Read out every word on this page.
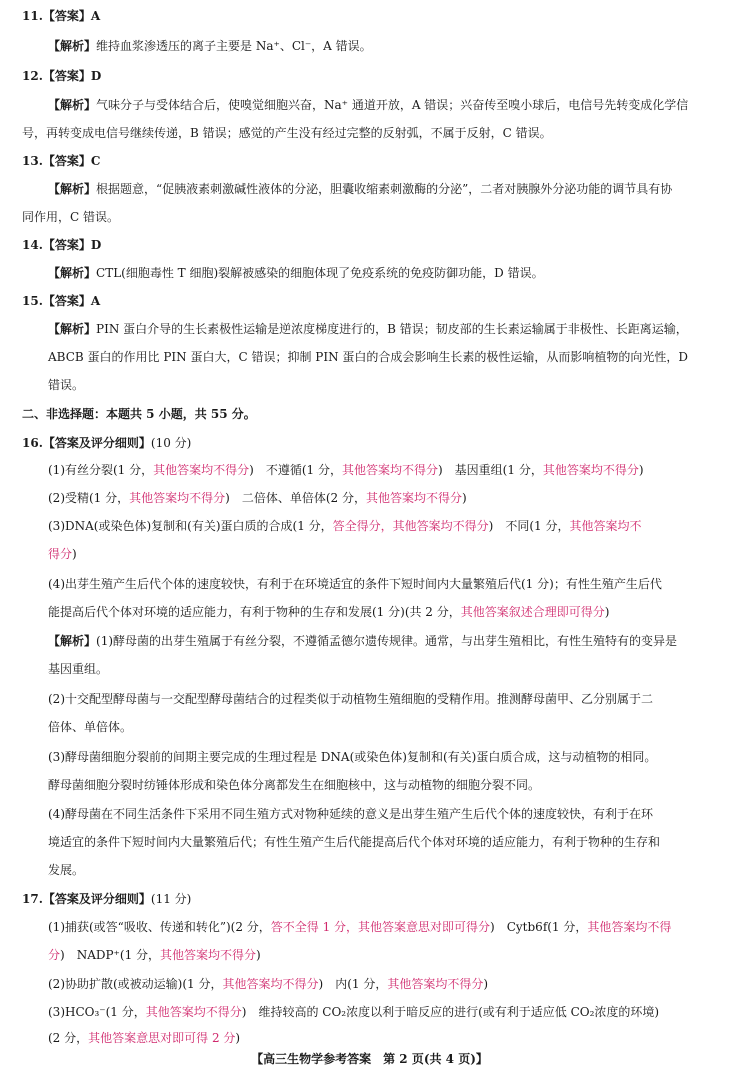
11.【答案】A
【解析】维持血浆渗透压的离子主要是 Na⁺、Cl⁻，A 错误。
12.【答案】D
【解析】气味分子与受体结合后，使嗅觉细胞兴奋，Na⁺ 通道开放，A 错误；兴奋传至嗅小球后，电信号先转变成化学信
号，再转变成电信号继续传递，B 错误；感觉的产生没有经过完整的反射弧，不属于反射，C 错误。
13.【答案】C
【解析】根据题意，“促胰液素刺激碱性液体的分泌，胆囊收缩素刺激酶的分泌”，二者对胰腺外分泌功能的调节具有协
同作用，C 错误。
14.【答案】D
【解析】CTL(细胞毒性 T 细胞)裂解被感染的细胞体现了免疫系统的免疫防御功能，D 错误。
15.【答案】A
【解析】PIN 蛋白介导的生长素极性运输是逆浓度梯度进行的，B 错误；韧皮部的生长素运输属于非极性、长距离运输，
ABCB 蛋白的作用比 PIN 蛋白大，C 错误；抑制 PIN 蛋白的合成会影响生长素的极性运输，从而影响植物的向光性，D
错误。
二、非选择题：本题共 5 小题，共 55 分。
16.【答案及评分细则】(10 分)
(1)有丝分裂(1 分，其他答案均不得分)　不遵循(1 分，其他答案均不得分)　基因重组(1 分，其他答案均不得分)
(2)受精(1 分，其他答案均不得分)　二倍体、单倍体(2 分，其他答案均不得分)
(3)DNA(或染色体)复制和(有关)蛋白质的合成(1 分，答全得分，其他答案均不得分)　不同(1 分，其他答案均不
得分)
(4)出芽生殖产生后代个体的速度较快，有利于在环境适宜的条件下短时间内大量繁殖后代(1 分)；有性生殖产生后代
能提高后代个体对环境的适应能力，有利于物种的生存和发展(1 分)(共 2 分，其他答案叙述合理即可得分)
【解析】(1)酵母菌的出芽生殖属于有丝分裂，不遵循孟德尔遗传规律。通常，与出芽生殖相比，有性生殖特有的变异是
基因重组。
(2)十交配型酵母菌与一交配型酵母菌结合的过程类似于动植物生殖细胞的受精作用。推测酵母菌甲、乙分别属于二
倍体、单倍体。
(3)酵母菌细胞分裂前的间期主要完成的生理过程是 DNA(或染色体)复制和(有关)蛋白质合成，这与动植物的相同。
酵母菌细胞分裂时纺锤体形成和染色体分离都发生在细胞核中，这与动植物的细胞分裂不同。
(4)酵母菌在不同生活条件下采用不同生殖方式对物种延续的意义是出芽生殖产生后代个体的速度较快，有利于在环
境适宜的条件下短时间内大量繁殖后代；有性生殖产生后代能提高后代个体对环境的适应能力，有利于物种的生存和
发展。
17.【答案及评分细则】(11 分)
(1)捕获(或答“吸收、传递和转化”)(2 分，答不全得 1 分，其他答案意思对即可得分)　Cytb6f(1 分，其他答案均不得
分)　NADP⁺(1 分，其他答案均不得分)
(2)协助扩散(或被动运输)(1 分，其他答案均不得分)　内(1 分，其他答案均不得分)
(3)HCO₃⁻(1 分，其他答案均不得分)　维持较高的 CO₂浓度以利于暗反应的进行(或有利于适应低 CO₂浓度的环境)
(2 分，其他答案意思对即可得 2 分)
【高三生物学参考答案　第 2 页(共 4 页)】
